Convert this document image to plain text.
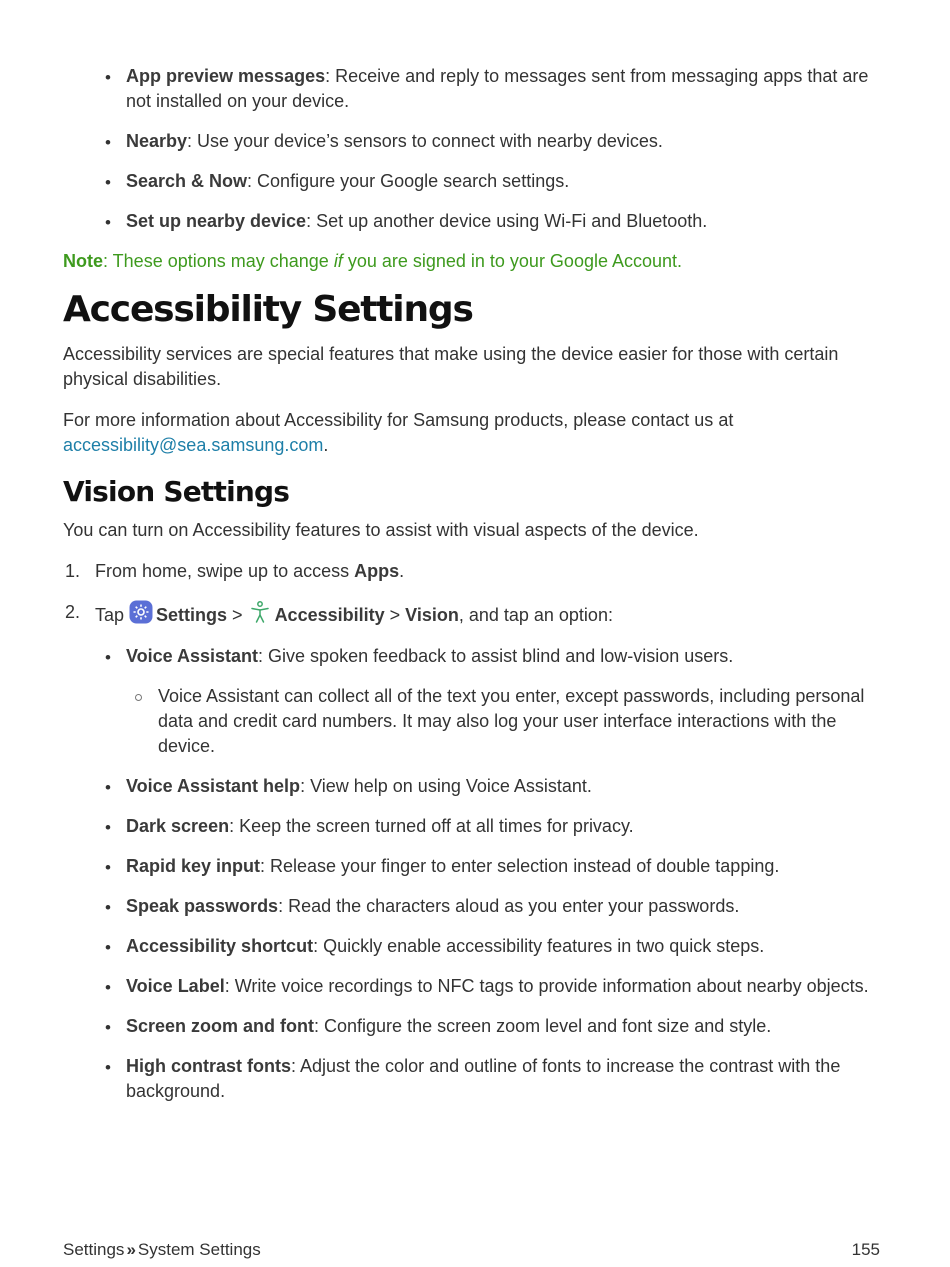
• App preview messages: Receive and reply to messages sent from messaging apps that are not installed on your device.
• Nearby: Use your device’s sensors to connect with nearby devices.
• Search & Now: Configure your Google search settings.
• Set up nearby device: Set up another device using Wi-Fi and Bluetooth.

Note: These options may change if you are signed in to your Google Account.

Accessibility Settings

Accessibility services are special features that make using the device easier for those with certain physical disabilities.

For more information about Accessibility for Samsung products, please contact us at accessibility@sea.samsung.com.

Vision Settings

You can turn on Accessibility features to assist with visual aspects of the device.

1. From home, swipe up to access Apps.
2. Tap Settings > Accessibility > Vision, and tap an option:
• Voice Assistant: Give spoken feedback to assist blind and low-vision users.
Voice Assistant can collect all of the text you enter, except passwords, including personal data and credit card numbers. It may also log your user interface interactions with the device.
• Voice Assistant help: View help on using Voice Assistant.
• Dark screen: Keep the screen turned off at all times for privacy.
• Rapid key input: Release your finger to enter selection instead of double tapping.
• Speak passwords: Read the characters aloud as you enter your passwords.
• Accessibility shortcut: Quickly enable accessibility features in two quick steps.
• Voice Label: Write voice recordings to NFC tags to provide information about nearby objects.
• Screen zoom and font: Configure the screen zoom level and font size and style.
• High contrast fonts: Adjust the color and outline of fonts to increase the contrast with the background.
Settings » System Settings	155
